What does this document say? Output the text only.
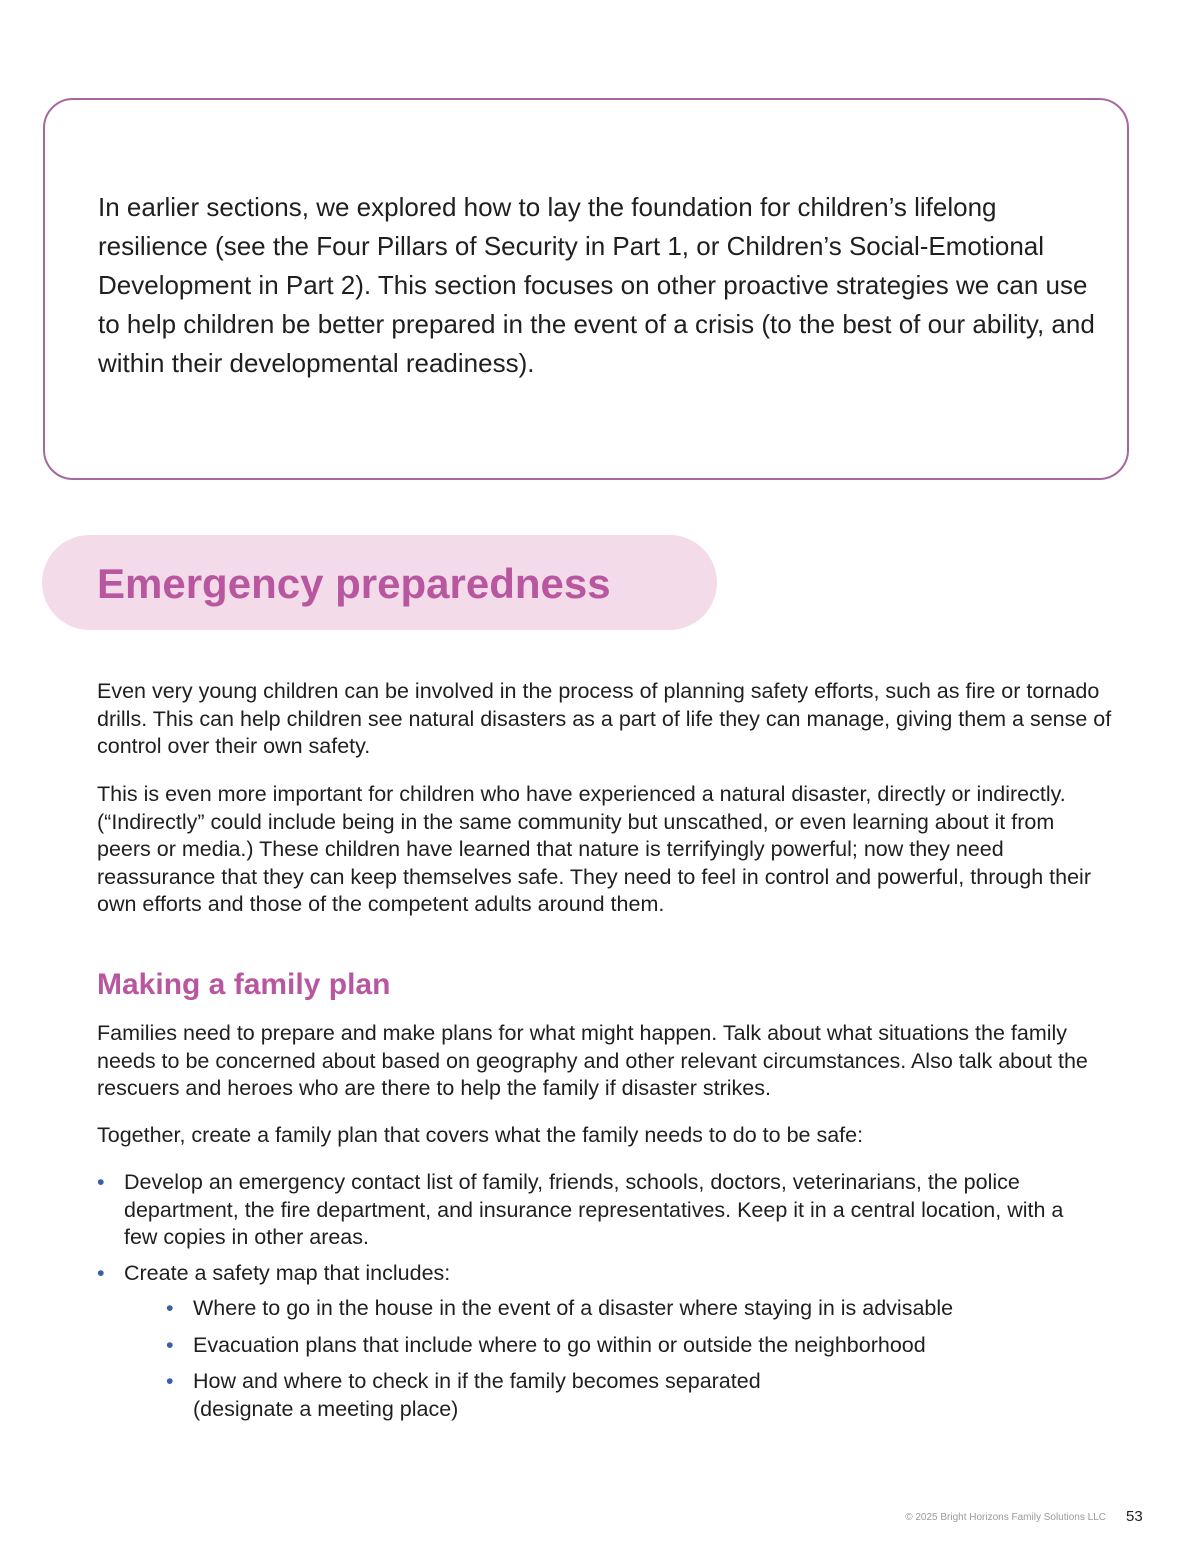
In earlier sections, we explored how to lay the foundation for children’s lifelong resilience (see the Four Pillars of Security in Part 1, or Children’s Social-Emotional Development in Part 2). This section focuses on other proactive strategies we can use to help children be better prepared in the event of a crisis (to the best of our ability, and within their developmental readiness).

Emergency preparedness

Even very young children can be involved in the process of planning safety efforts, such as fire or tornado drills. This can help children see natural disasters as a part of life they can manage, giving them a sense of control over their own safety.

This is even more important for children who have experienced a natural disaster, directly or indirectly. (“Indirectly” could include being in the same community but unscathed, or even learning about it from peers or media.) These children have learned that nature is terrifyingly powerful; now they need reassurance that they can keep themselves safe. They need to feel in control and powerful, through their own efforts and those of the competent adults around them.

Making a family plan

Families need to prepare and make plans for what might happen. Talk about what situations the family needs to be concerned about based on geography and other relevant circumstances. Also talk about the rescuers and heroes who are there to help the family if disaster strikes.

Together, create a family plan that covers what the family needs to do to be safe:

• Develop an emergency contact list of family, friends, schools, doctors, veterinarians, the police department, the fire department, and insurance representatives. Keep it in a central location, with a few copies in other areas.
• Create a safety map that includes:
• Where to go in the house in the event of a disaster where staying in is advisable
• Evacuation plans that include where to go within or outside the neighborhood
• How and where to check in if the family becomes separated (designate a meeting place)
© 2025 Bright Horizons Family Solutions LLC 53
